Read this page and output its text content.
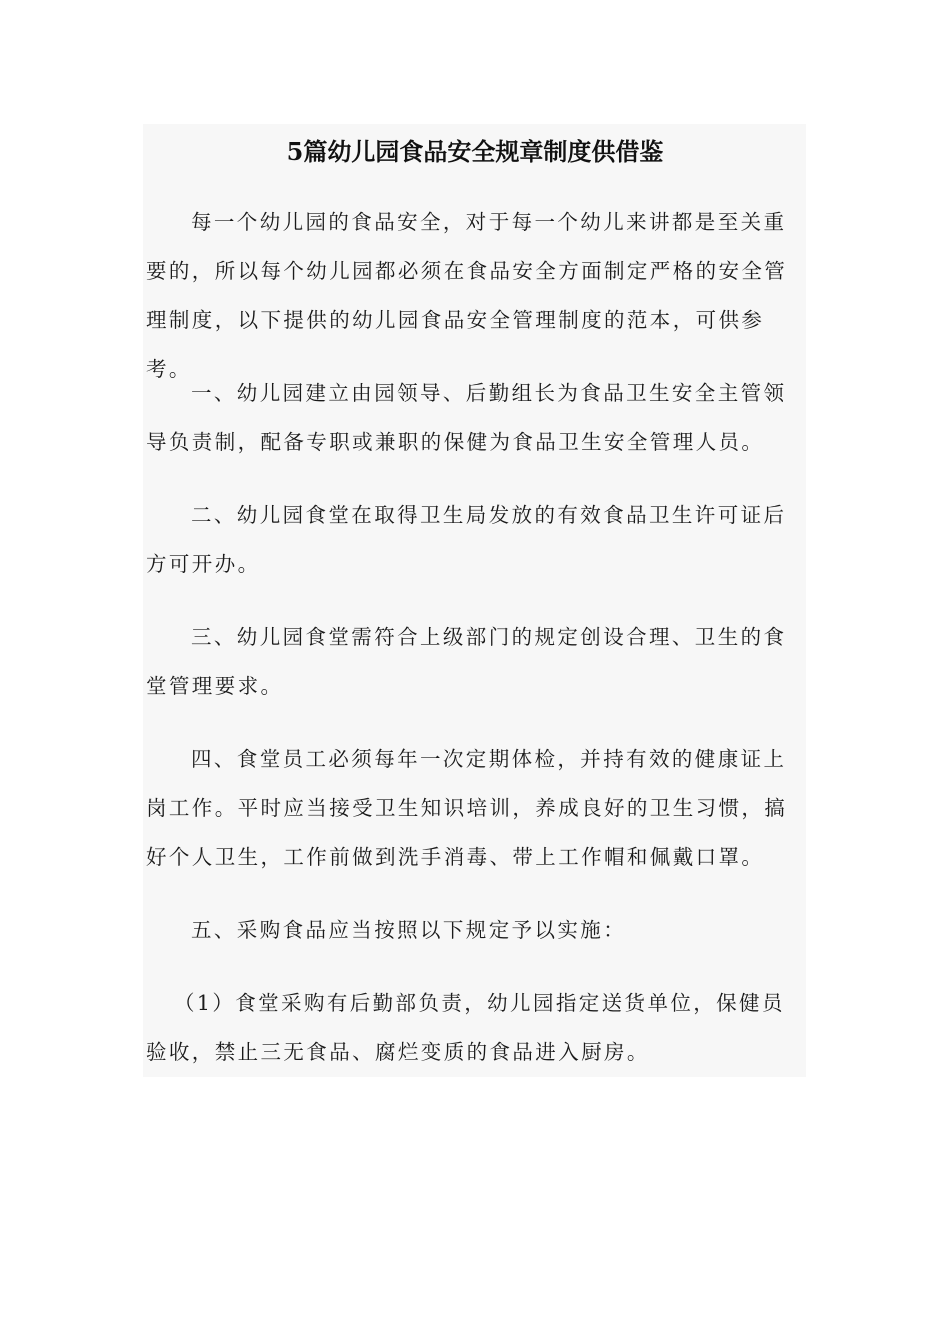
5篇幼儿园食品安全规章制度供借鉴

每一个幼儿园的食品安全，对于每一个幼儿来讲都是至关重要的，所以每个幼儿园都必须在食品安全方面制定严格的安全管理制度，以下提供的幼儿园食品安全管理制度的范本，可供参考。

一、幼儿园建立由园领导、后勤组长为食品卫生安全主管领导负责制，配备专职或兼职的保健为食品卫生安全管理人员。

二、幼儿园食堂在取得卫生局发放的有效食品卫生许可证后方可开办。

三、幼儿园食堂需符合上级部门的规定创设合理、卫生的食堂管理要求。

四、食堂员工必须每年一次定期体检，并持有效的健康证上岗工作。平时应当接受卫生知识培训，养成良好的卫生习惯，搞好个人卫生，工作前做到洗手消毒、带上工作帽和佩戴口罩。

五、采购食品应当按照以下规定予以实施：

（1）食堂采购有后勤部负责，幼儿园指定送货单位，保健员验收，禁止三无食品、腐烂变质的食品进入厨房。
